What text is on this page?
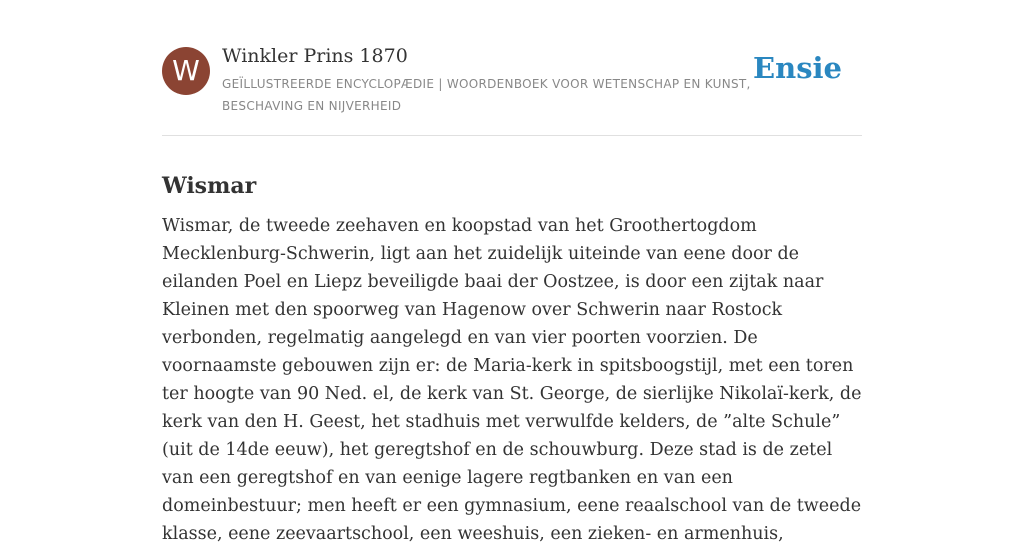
W	Winkler Prins 1870
GEÏLLUSTREERDE ENCYCLOPÆDIE | WOORDENBOEK VOOR WETENSCHAP EN KUNST, BESCHAVING EN NIJVERHEID
Ensie
Wismar

Wismar, de tweede zeehaven en koopstad van het Groothertogdom Mecklenburg-Schwerin, ligt aan het zuidelijk uiteinde van eene door de eilanden Poel en Liepz beveiligde baai der Oostzee, is door een zijtak naar Kleinen met den spoorweg van Hagenow over Schwerin naar Rostock verbonden, regelmatig aangelegd en van vier poorten voorzien. De voornaamste gebouwen zijn er: de Maria-kerk in spitsboogstijl, met een toren ter hoogte van 90 Ned. el, de kerk van St. George, de sierlijke Nikolaï-kerk, de kerk van den H. Geest, het stadhuis met verwulfde kelders, de ”alte Schule” (uit de 14de eeuw), het geregtshof en de schouwburg. Deze stad is de zetel van een geregtshof en van eenige lagere regtbanken en van een domeinbestuur; men heeft er een gymnasium, eene reaalschool van de tweede klasse, eene zeevaartschool, een weeshuis, een zieken- en armenhuis,
